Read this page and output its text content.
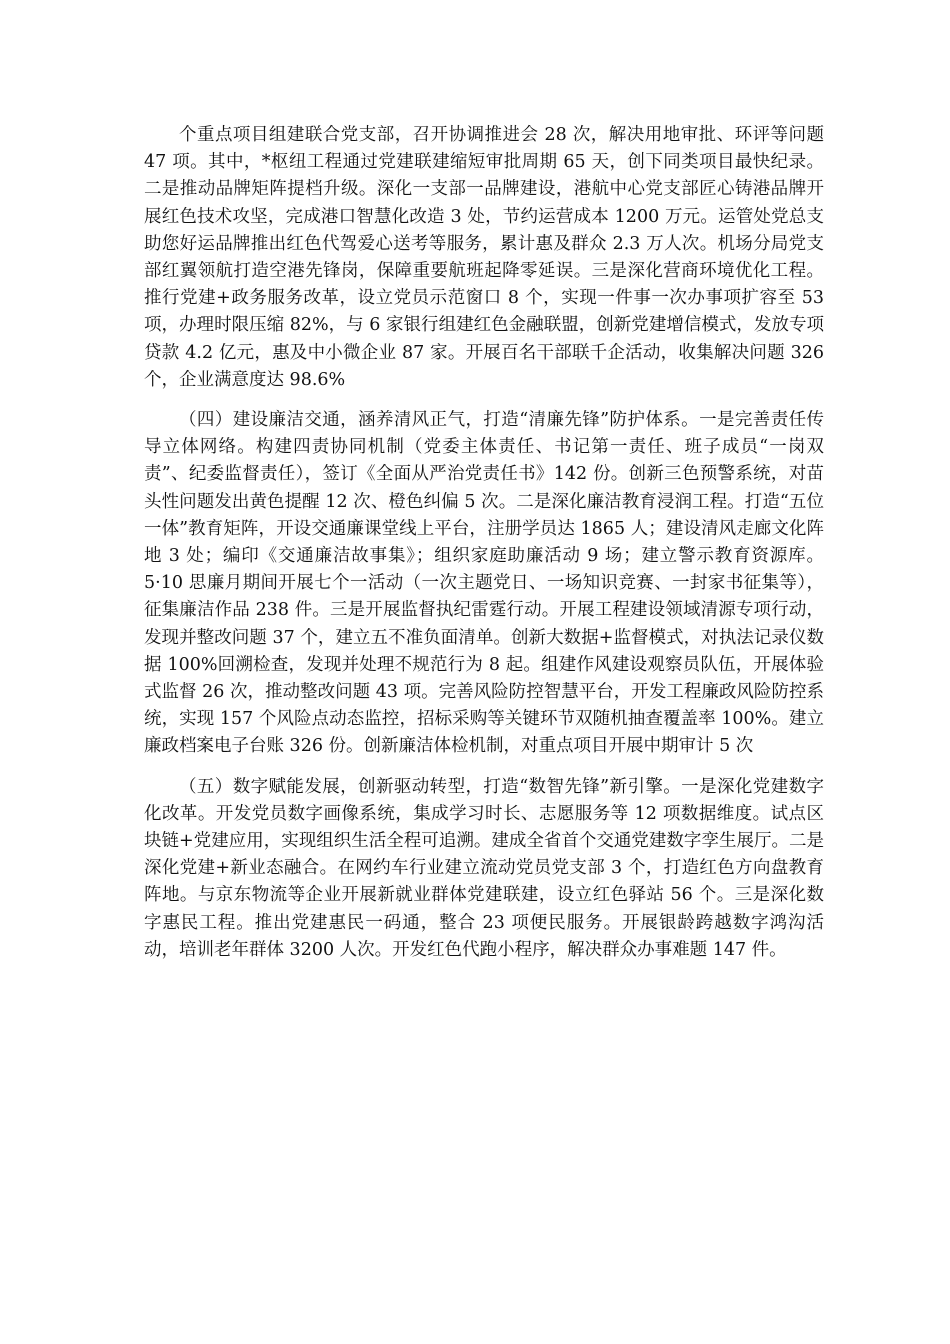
个重点项目组建联合党支部，召开协调推进会 28 次，解决用地审批、环评等问题 47 项。其中，*枢纽工程通过党建联建缩短审批周期 65 天，创下同类项目最快纪录。二是推动品牌矩阵提档升级。深化一支部一品牌建设，港航中心党支部匠心铸港品牌开展红色技术攻坚，完成港口智慧化改造 3 处，节约运营成本 1200 万元。运管处党总支助您好运品牌推出红色代驾爱心送考等服务，累计惠及群众 2.3 万人次。机场分局党支部红翼领航打造空港先锋岗，保障重要航班起降零延误。三是深化营商环境优化工程。推行党建+政务服务改革，设立党员示范窗口 8 个，实现一件事一次办事项扩容至 53 项，办理时限压缩 82%，与 6 家银行组建红色金融联盟，创新党建增信模式，发放专项贷款 4.2 亿元，惠及中小微企业 87 家。开展百名干部联千企活动，收集解决问题 326 个，企业满意度达 98.6%

（四）建设廉洁交通，涵养清风正气，打造“清廉先锋”防护体系。一是完善责任传导立体网络。构建四责协同机制（党委主体责任、书记第一责任、班子成员“一岗双责”、纪委监督责任），签订《全面从严治党责任书》142 份。创新三色预警系统，对苗头性问题发出黄色提醒 12 次、橙色纠偏 5 次。二是深化廉洁教育浸润工程。打造“五位一体”教育矩阵，开设交通廉课堂线上平台，注册学员达 1865 人；建设清风走廊文化阵地 3 处；编印《交通廉洁故事集》；组织家庭助廉活动 9 场；建立警示教育资源库。5·10 思廉月期间开展七个一活动（一次主题党日、一场知识竞赛、一封家书征集等），征集廉洁作品 238 件。三是开展监督执纪雷霆行动。开展工程建设领域清源专项行动，发现并整改问题 37 个，建立五不准负面清单。创新大数据+监督模式，对执法记录仪数据 100%回溯检查，发现并处理不规范行为 8 起。组建作风建设观察员队伍，开展体验式监督 26 次，推动整改问题 43 项。完善风险防控智慧平台，开发工程廉政风险防控系统，实现 157 个风险点动态监控，招标采购等关键环节双随机抽查覆盖率 100%。建立廉政档案电子台账 326 份。创新廉洁体检机制，对重点项目开展中期审计 5 次

（五）数字赋能发展，创新驱动转型，打造“数智先锋”新引擎。一是深化党建数字化改革。开发党员数字画像系统，集成学习时长、志愿服务等 12 项数据维度。试点区块链+党建应用，实现组织生活全程可追溯。建成全省首个交通党建数字孪生展厅。二是深化党建+新业态融合。在网约车行业建立流动党员党支部 3 个，打造红色方向盘教育阵地。与京东物流等企业开展新就业群体党建联建，设立红色驿站 56 个。三是深化数字惠民工程。推出党建惠民一码通，整合 23 项便民服务。开展银龄跨越数字鸿沟活动，培训老年群体 3200 人次。开发红色代跑小程序，解决群众办事难题 147 件。
